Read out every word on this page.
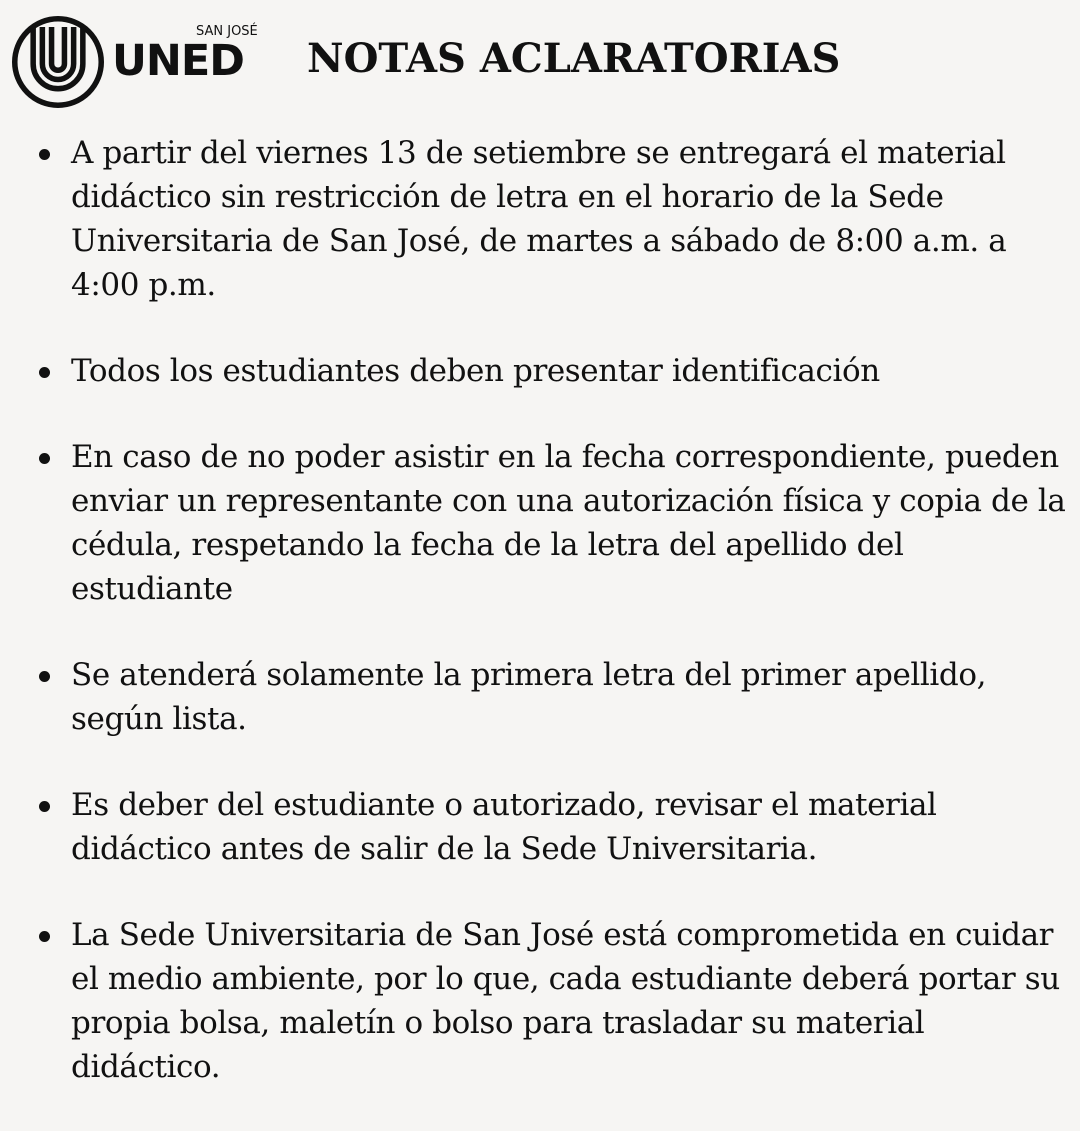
SAN JOSÉ
UNED NOTAS ACLARATORIAS
A partir del viernes 13 de setiembre se entregará el material didáctico sin restricción de letra en el horario de la Sede Universitaria de San José, de martes a sábado de 8:00 a.m. a 4:00 p.m.
Todos los estudiantes deben presentar identificación
En caso de no poder asistir en la fecha correspondiente, pueden enviar un representante con una autorización física y copia de la cédula, respetando la fecha de la letra del apellido del estudiante
Se atenderá solamente la primera letra del primer apellido, según lista.
Es deber del estudiante o autorizado, revisar el material didáctico antes de salir de la Sede Universitaria.
La Sede Universitaria de San José está comprometida en cuidar el medio ambiente, por lo que, cada estudiante deberá portar su propia bolsa, maletín o bolso para trasladar su material didáctico.
